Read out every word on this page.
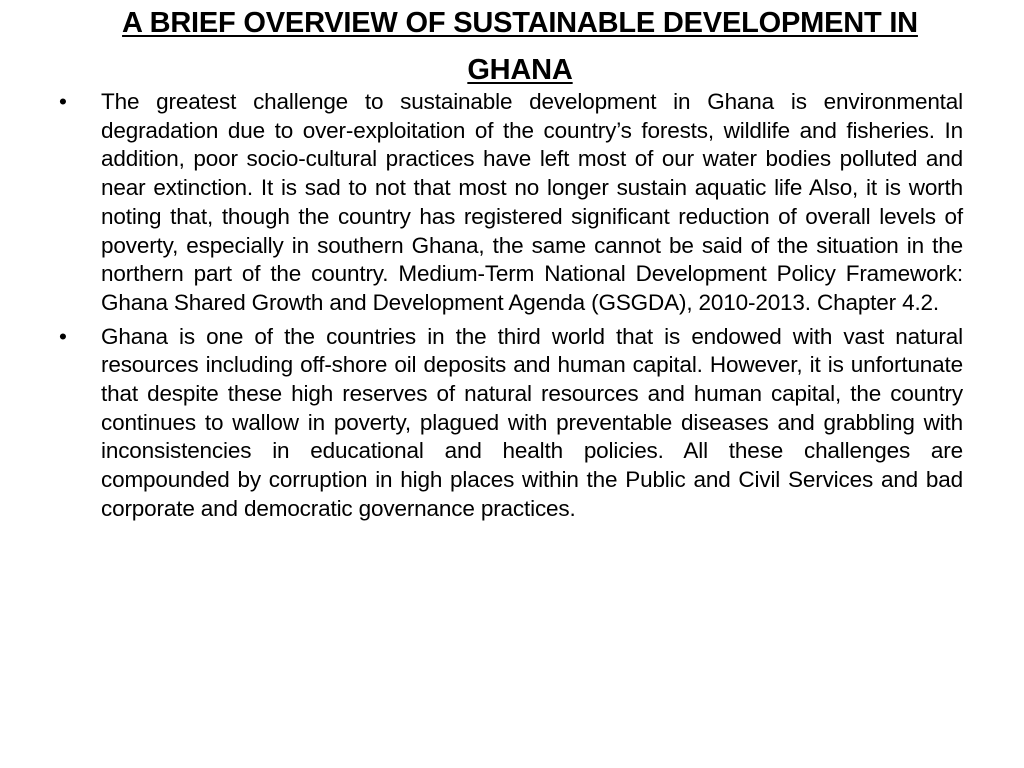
A BRIEF OVERVIEW OF SUSTAINABLE DEVELOPMENT IN GHANA
•	The greatest challenge to sustainable development in Ghana is environmental degradation due to over-exploitation of the country’s forests, wildlife and fisheries. In addition, poor socio-cultural practices have left most of our water bodies polluted and near extinction. It is sad to not that most no longer sustain aquatic life Also, it is worth noting that, though the country has registered significant reduction of overall levels of poverty, especially in southern Ghana, the same cannot be said of the situation in the northern part of the country. Medium-Term National Development Policy Framework: Ghana Shared Growth and Development Agenda (GSGDA), 2010-2013. Chapter 4.2.
•	Ghana is one of the countries in the third world that is endowed with vast natural resources including off-shore oil deposits and human capital. However, it is unfortunate that despite these high reserves of natural resources and human capital, the country continues to wallow in poverty, plagued with preventable diseases and grabbling with inconsistencies in educational and health policies. All these challenges are compounded by corruption in high places within the Public and Civil Services and bad corporate and democratic governance practices.
